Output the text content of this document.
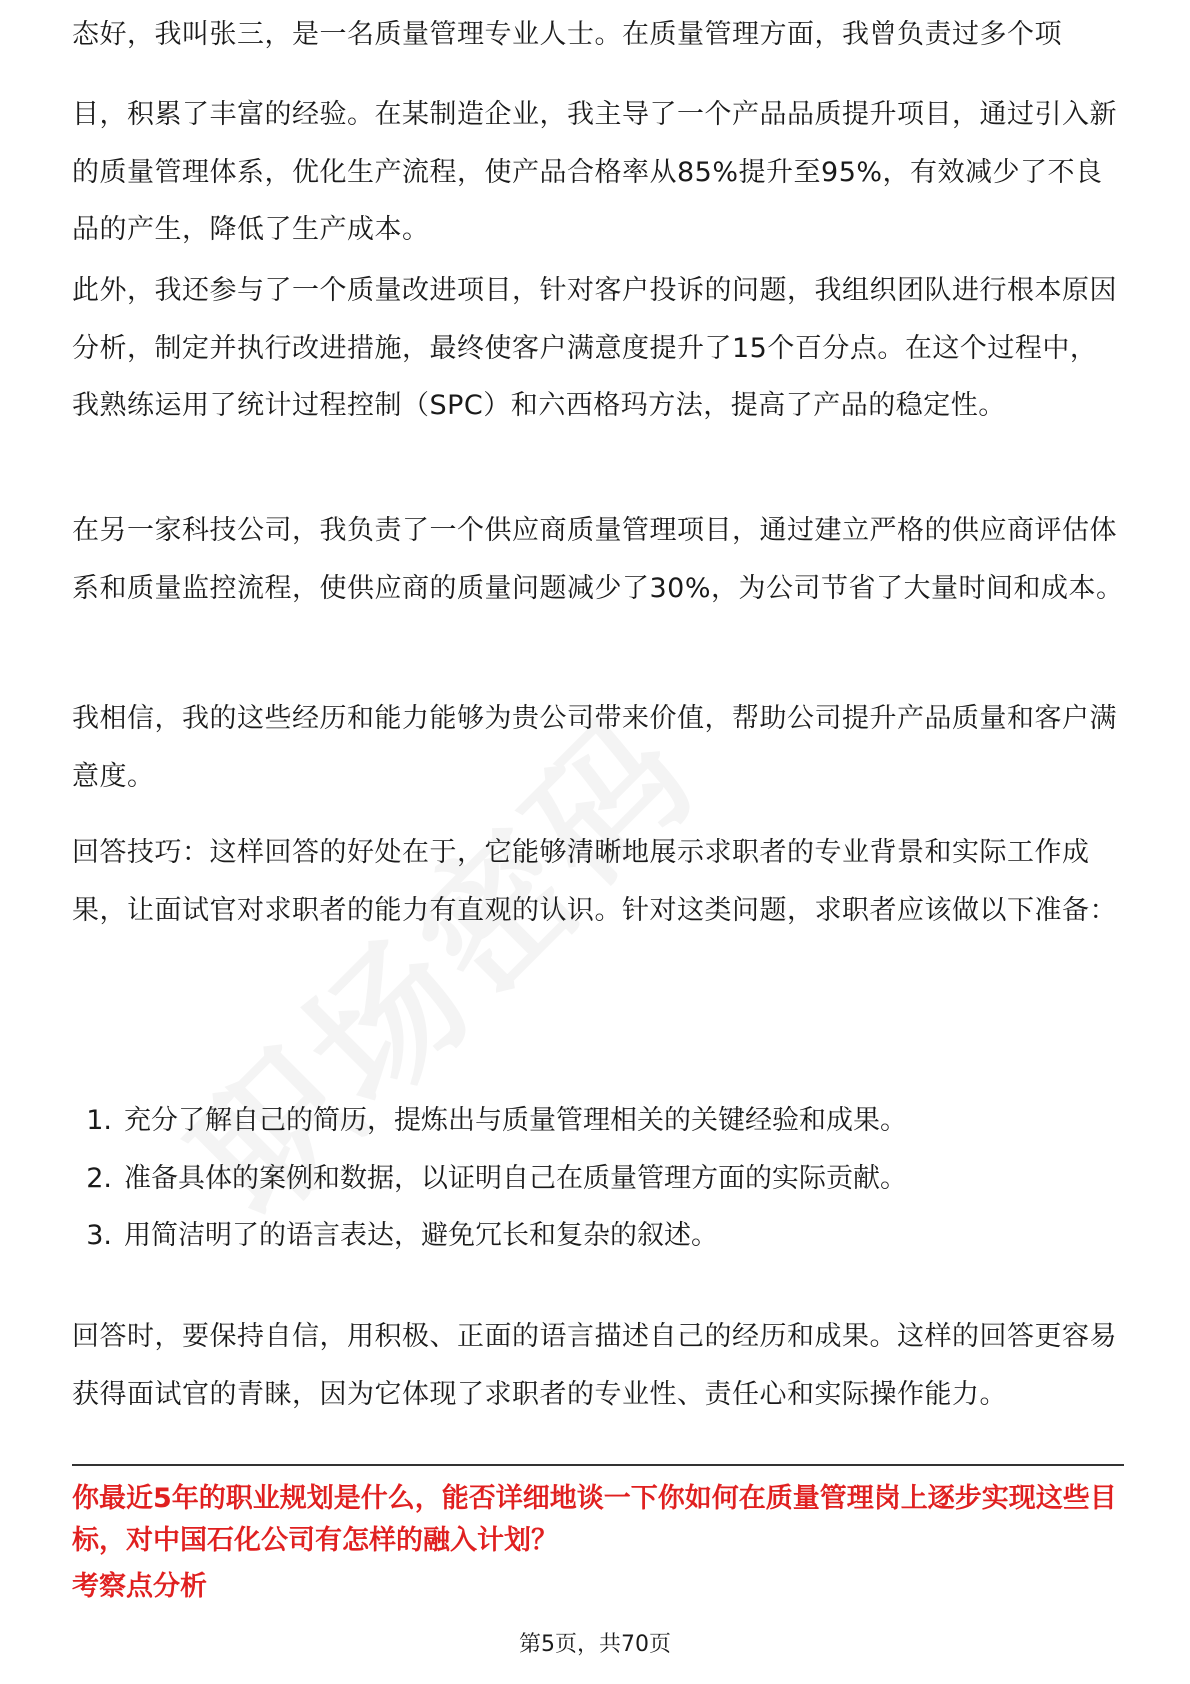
态好，我叫张三，是一名质量管理专业人士。在质量管理方面，我曾负责过多个项

目，积累了丰富的经验。在某制造企业，我主导了一个产品品质提升项目，通过引入新的质量管理体系，优化生产流程，使产品合格率从85%提升至95%，有效减少了不良品的产生，降低了生产成本。

此外，我还参与了一个质量改进项目，针对客户投诉的问题，我组织团队进行根本原因分析，制定并执行改进措施，最终使客户满意度提升了15个百分点。在这个过程中，我熟练运用了统计过程控制（SPC）和六西格玛方法，提高了产品的稳定性。

在另一家科技公司，我负责了一个供应商质量管理项目，通过建立严格的供应商评估体系和质量监控流程，使供应商的质量问题减少了30%，为公司节省了大量时间和成本。

我相信，我的这些经历和能力能够为贵公司带来价值，帮助公司提升产品质量和客户满意度。

回答技巧：这样回答的好处在于，它能够清晰地展示求职者的专业背景和实际工作成果，让面试官对求职者的能力有直观的认识。针对这类问题，求职者应该做以下准备：

1. 充分了解自己的简历，提炼出与质量管理相关的关键经验和成果。
2. 准备具体的案例和数据，以证明自己在质量管理方面的实际贡献。
3. 用简洁明了的语言表达，避免冗长和复杂的叙述。

回答时，要保持自信，用积极、正面的语言描述自己的经历和成果。这样的回答更容易获得面试官的青睐，因为它体现了求职者的专业性、责任心和实际操作能力。

你最近5年的职业规划是什么，能否详细地谈一下你如何在质量管理岗上逐步实现这些目标，对中国石化公司有怎样的融入计划？

考察点分析

第5页，共70页
